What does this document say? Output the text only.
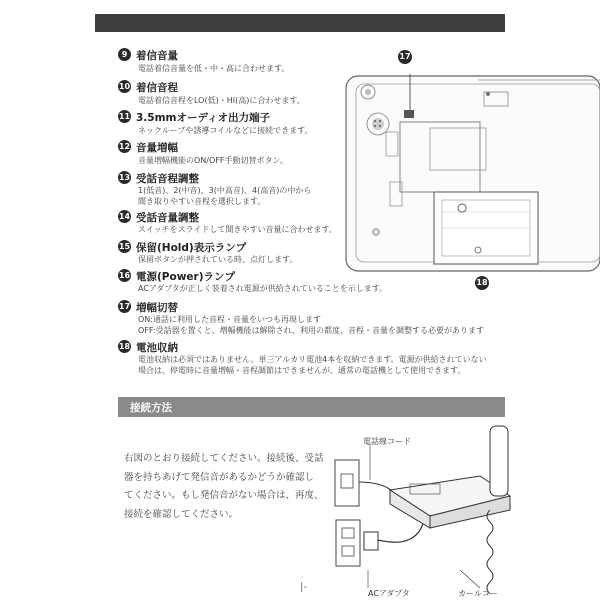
9 着信音量
電話着信音量を低・中・高に合わせます。
10 着信音程
電話着信音程をLO(低)・HI(高)に合わせます。
11 3.5mmオーディオ出力端子
ネックループや誘導コイルなどに接続できます。
12 音量増幅
音量増幅機能のON/OFF手動切替ボタン。
13 受話音程調整
1(低音)、2(中音)、3(中高音)、4(高音)の中から
聞き取りやすい音程を選択します。
14 受話音量調整
スイッチをスライドして聞きやすい音量に合わせます。
15 保留(Hold)表示ランプ
保留ボタンが押されている時、点灯します。
16 電源(Power)ランプ
ACアダプタが正しく装着され電源が供給されていることを示します。
17 増幅切替
ON:通話に利用した音程・音量をいつも再現します
OFF:受話器を置くと、増幅機能は解除され、利用の都度、音程・音量を調整する必要があります
18 電池収納
電池収納は必須ではありません。単三アルカリ電池4本を収納できます。電源が供給されていない
場合は、停電時に音量増幅・音程調節はできませんが、通常の電話機として使用できます。
17
18
接続方法
右図のとおり接続してください。接続後、受話
器を持ちあげて発信音があるかどうか確認し
てください。もし発信音がない場合は、再度、
接続を確認してください。
電話線コード
ACアダプタ	カールコー
|-
